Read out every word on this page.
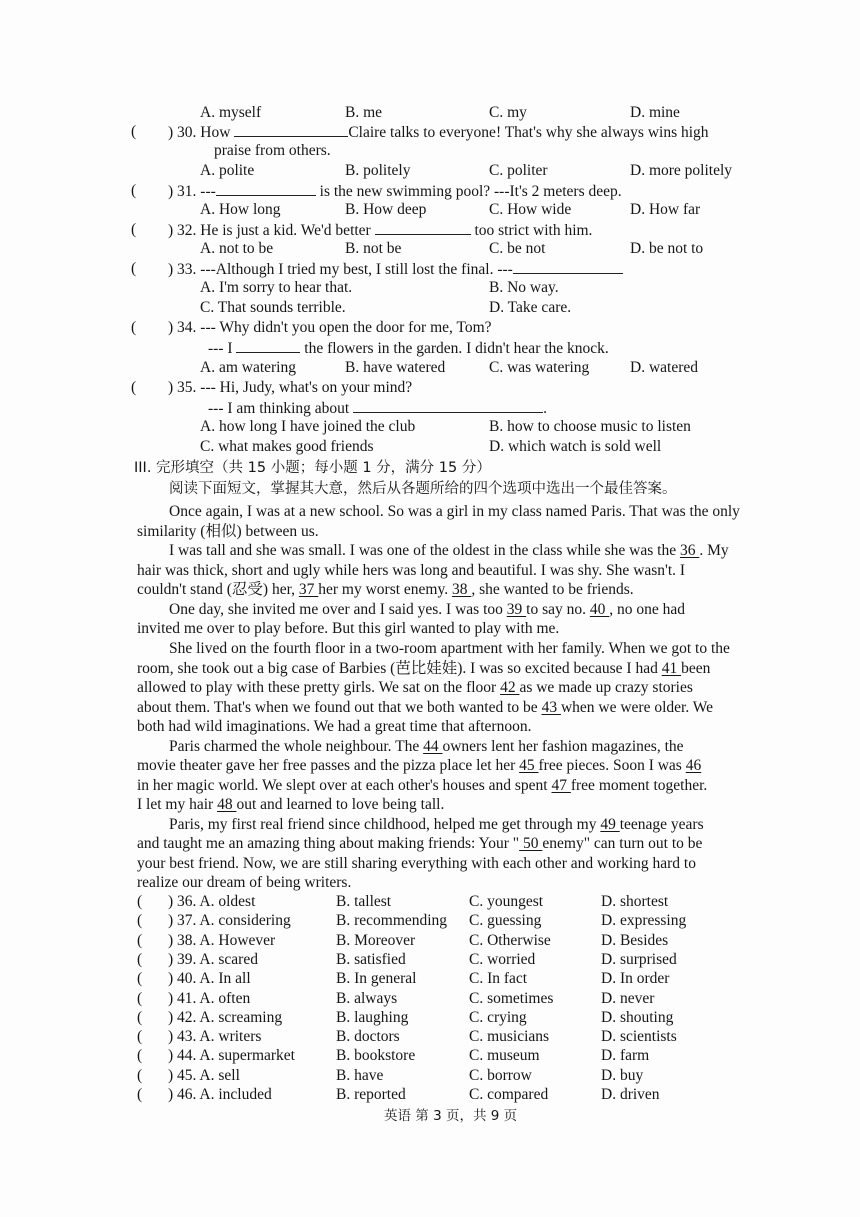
A. myself	B. me	C. my	D. mine
( ) 30. How	Claire talks to everyone! That's why she always wins high
praise from others.
A. polite	B. politely	C. politer	D. more politely
( ) 31. ---	is the new swimming pool? ---It's 2 meters deep.
A. How long	B. How deep	C. How wide	D. How far
( ) 32. He is just a kid. We'd better	too strict with him.
A. not to be	B. not be	C. be not	D. be not to
( ) 33. ---Although I tried my best, I still lost the final. ---
A. I'm sorry to hear that.	B. No way.
C. That sounds terrible.	D. Take care.
( ) 34. --- Why didn't you open the door for me, Tom?
--- I	the flowers in the garden. I didn't hear the knock.
A. am watering	B. have watered	C. was watering	D. watered
( ) 35. --- Hi, Judy, what's on your mind?
--- I am thinking about	.
A. how long I have joined the club	B. how to choose music to listen
C. what makes good friends	D. which watch is sold well
III. 完形填空（共 15 小题；每小题 1 分，满分 15 分）
阅读下面短文，掌握其大意，然后从各题所给的四个选项中选出一个最佳答案。
Once again, I was at a new school. So was a girl in my class named Paris. That was the only
similarity (相似) between us.
I was tall and she was small. I was one of the oldest in the class while she was the 36 . My
hair was thick, short and ugly while hers was long and beautiful. I was shy. She wasn't. I
couldn't stand (忍受) her, 37 her my worst enemy. 38 , she wanted to be friends.
One day, she invited me over and I said yes. I was too 39 to say no. 40 , no one had
invited me over to play before. But this girl wanted to play with me.
She lived on the fourth floor in a two-room apartment with her family. When we got to the
room, she took out a big case of Barbies (芭比娃娃). I was so excited because I had 41 been
allowed to play with these pretty girls. We sat on the floor 42 as we made up crazy stories
about them. That's when we found out that we both wanted to be 43 when we were older. We
both had wild imaginations. We had a great time that afternoon.
Paris charmed the whole neighbour. The 44 owners lent her fashion magazines, the
movie theater gave her free passes and the pizza place let her 45 free pieces. Soon I was 46
in her magic world. We slept over at each other's houses and spent 47 free moment together.
I let my hair 48 out and learned to love being tall.
Paris, my first real friend since childhood, helped me get through my 49 teenage years
and taught me an amazing thing about making friends: Your " 50 enemy" can turn out to be
your best friend. Now, we are still sharing everything with each other and working hard to
realize our dream of being writers.
( ) 36. A. oldest	B. tallest	C. youngest	D. shortest
( ) 37. A. considering	B. recommending C. guessing	D. expressing
( ) 38. A. However	B. Moreover	C. Otherwise	D. Besides
( ) 39. A. scared	B. satisfied	C. worried	D. surprised
( ) 40. A. In all	B. In general	C. In fact	D. In order
( ) 41. A. often	B. always	C. sometimes	D. never
( ) 42. A. screaming	B. laughing	C. crying	D. shouting
( ) 43. A. writers	B. doctors	C. musicians	D. scientists
( ) 44. A. supermarket	B. bookstore	C. museum	D. farm
( ) 45. A. sell	B. have	C. borrow	D. buy
( ) 46. A. included	B. reported	C. compared	D. driven
英语 第 3 页，共 9 页
